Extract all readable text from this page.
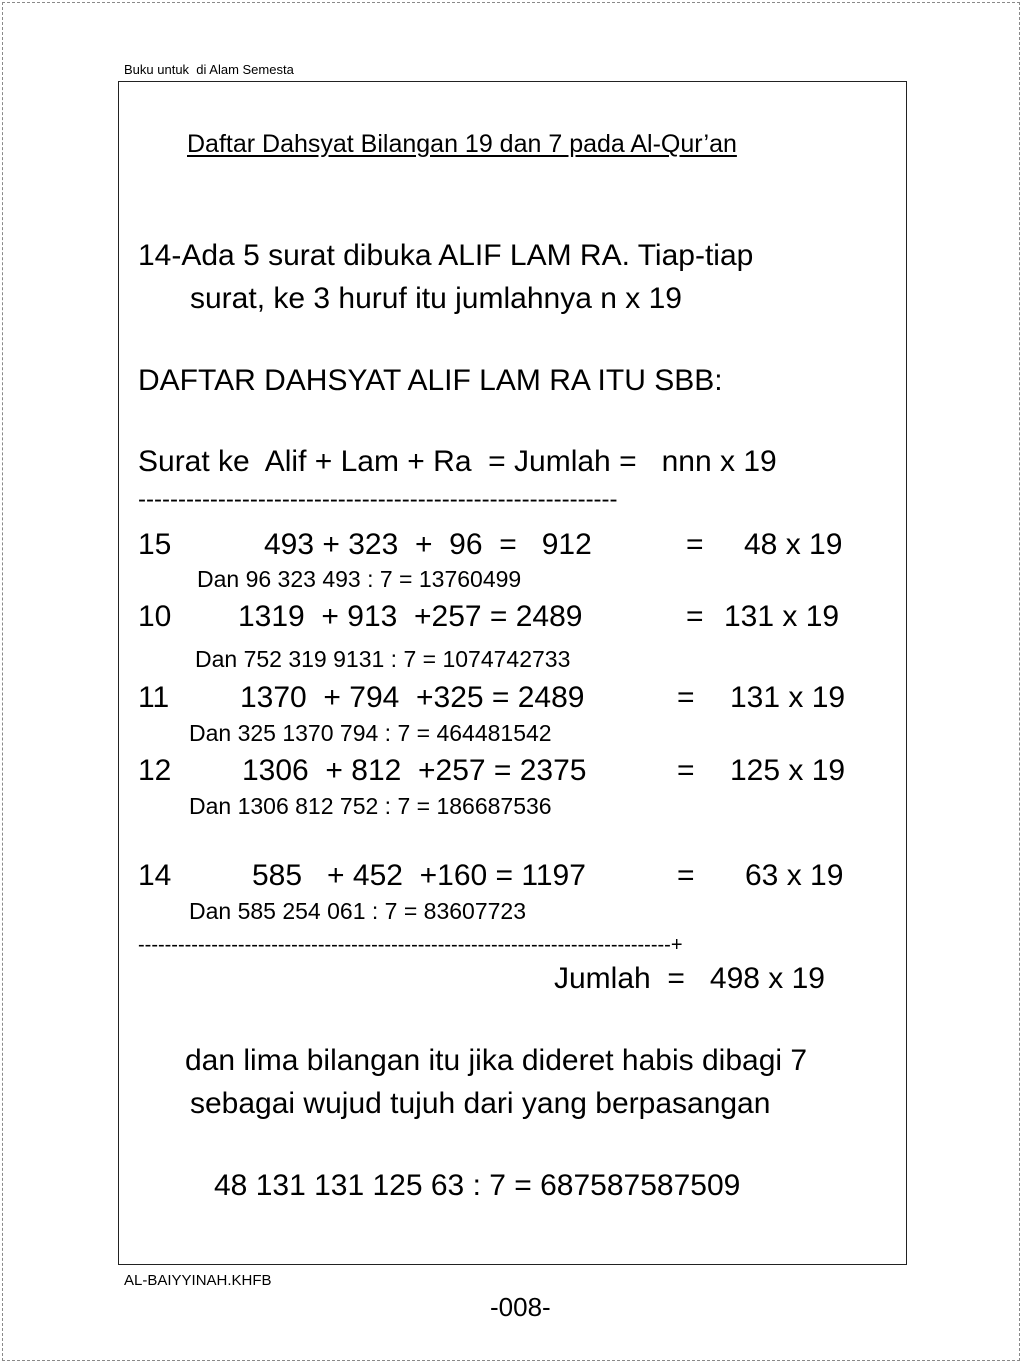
Buku untuk  di Alam Semesta
Daftar Dahsyat Bilangan 19 dan 7 pada Al-Qur’an
14-Ada 5 surat dibuka ALIF LAM RA. Tiap-tiap
surat, ke 3 huruf itu jumlahnya n x 19
DAFTAR DAHSYAT ALIF LAM RA ITU SBB:
Surat ke  Alif + Lam + Ra  = Jumlah =   nnn x 19
------------------------------------------------------------
15	493 + 323  +  96  =   912	= 48 x 19
Dan 96 323 493 : 7 = 13760499
10 1319  + 913  +257 = 2489	= 131 x 19
Dan 752 319 9131 : 7 = 1074742733
11 1370  + 794  +325 = 2489	= 131 x 19
Dan 325 1370 794 : 7 = 464481542
12 1306  + 812  +257 = 2375	= 125 x 19
Dan 1306 812 752 : 7 = 186687536
14	585   + 452  +160 = 1197	= 63 x 19
Dan 585 254 061 : 7 = 83607723
--------------------------------------------------------------------------------+
Jumlah  =   498 x 19
dan lima bilangan itu jika dideret habis dibagi 7
sebagai wujud tujuh dari yang berpasangan
48 131 131 125 63 : 7 = 687587587509
AL-BAIYYINAH.KHFB
-008-
